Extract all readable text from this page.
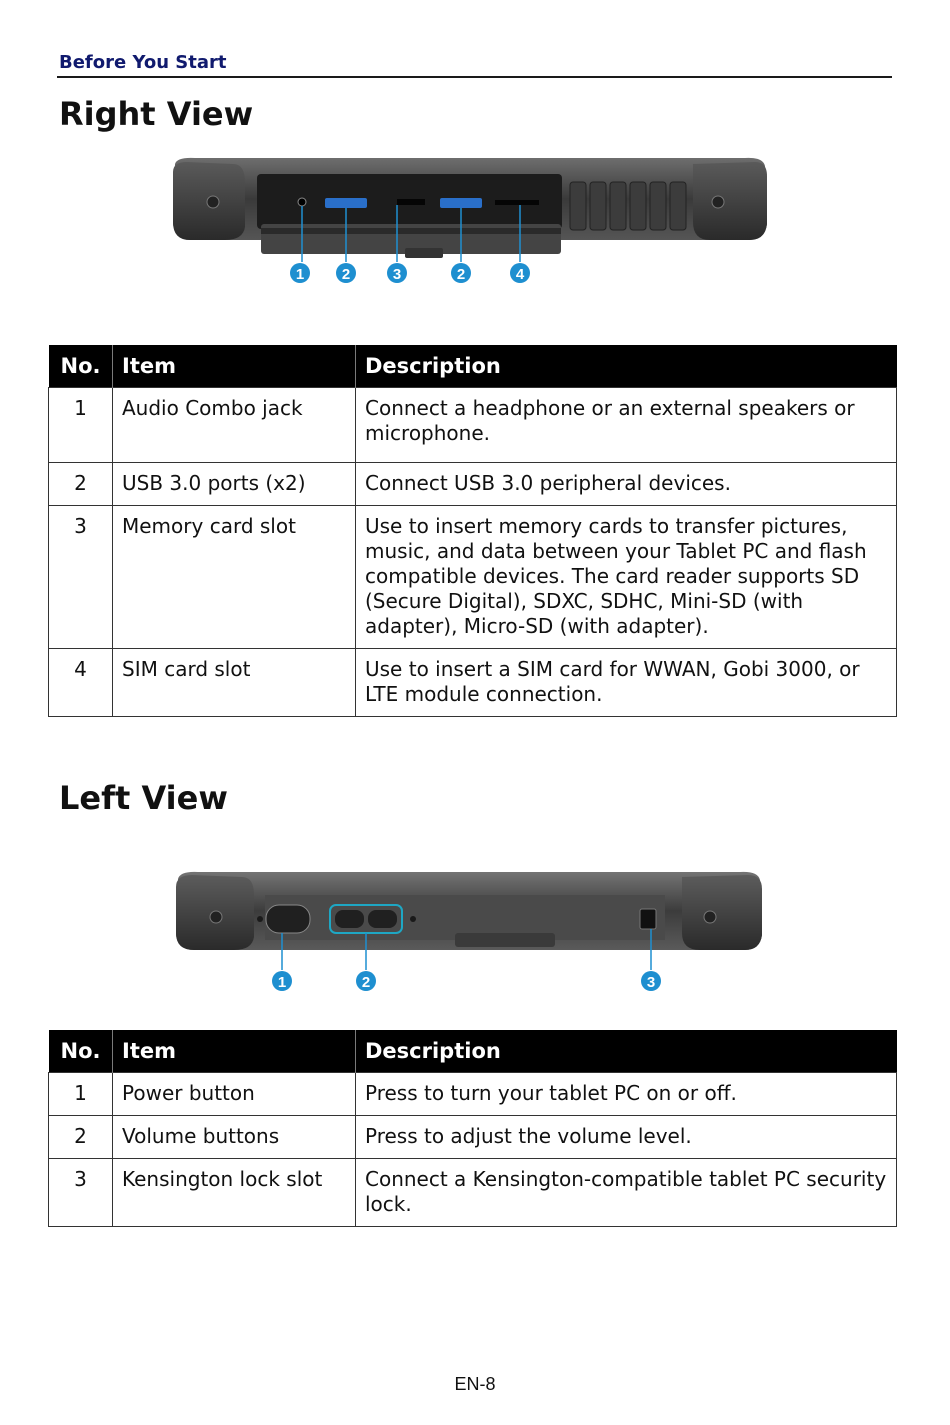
Before You Start
Right View
1	2	3	2	4
No.	Item	Description
1	Audio Combo jack	Connect a headphone or an external speakers or microphone.
2	USB 3.0 ports (x2)	Connect USB 3.0 peripheral devices.
3	Memory card slot	Use to insert memory cards to transfer pictures, music, and data between your Tablet PC and flash compatible devices. The card reader supports SD (Secure Digital), SDXC, SDHC, Mini-SD (with adapter), Micro-SD (with adapter).
4	SIM card slot	Use to insert a SIM card for WWAN, Gobi 3000, or LTE module connection.
Left View
1	2	3
No.	Item	Description
1	Power button	Press to turn your tablet PC on or off.
2	Volume buttons	Press to adjust the volume level.
3	Kensington lock slot	Connect a Kensington-compatible tablet PC security lock.
EN-8
